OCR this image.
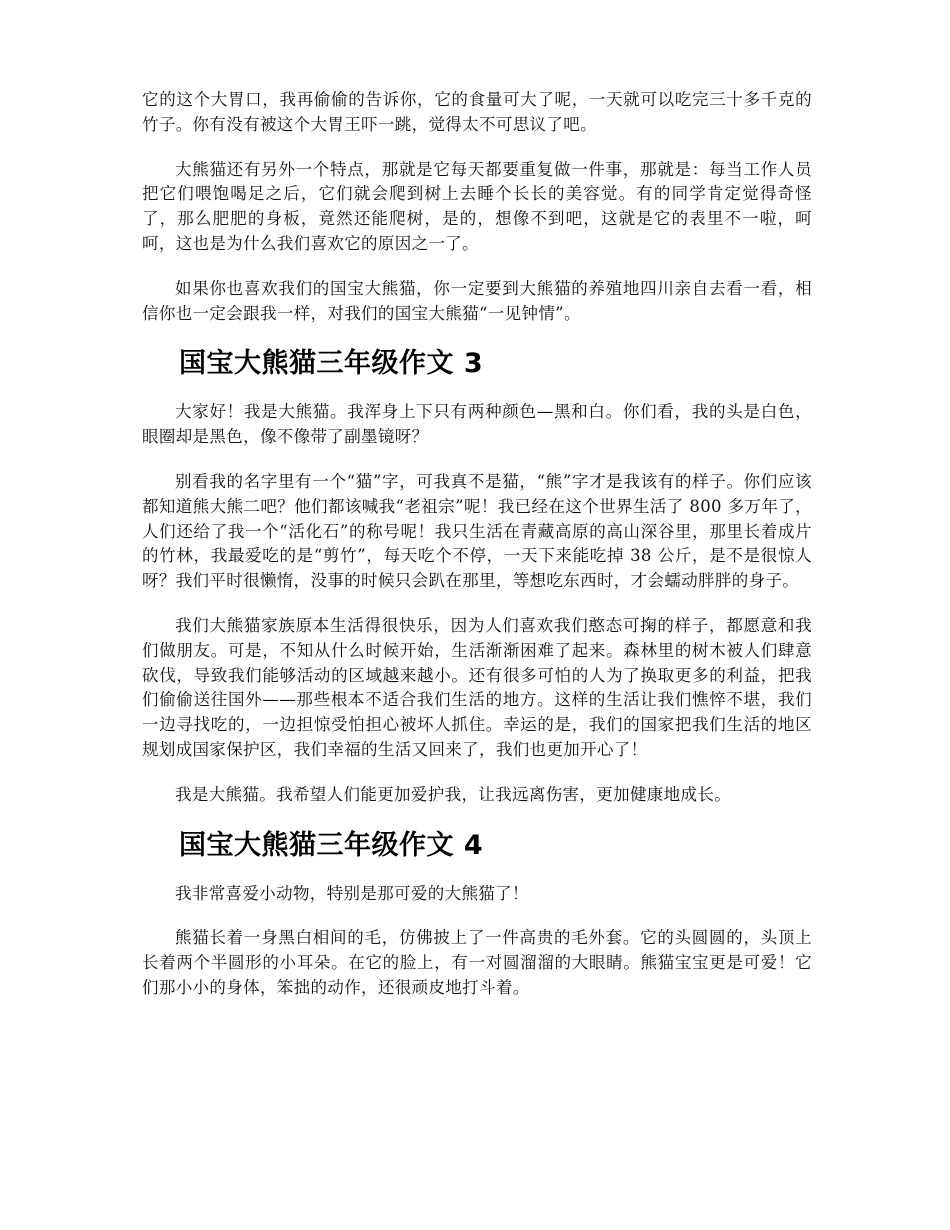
它的这个大胃口，我再偷偷的告诉你，它的食量可大了呢，一天就可以吃完三十多千克的竹子。你有没有被这个大胃王吓一跳，觉得太不可思议了吧。

大熊猫还有另外一个特点，那就是它每天都要重复做一件事，那就是：每当工作人员把它们喂饱喝足之后，它们就会爬到树上去睡个长长的美容觉。有的同学肯定觉得奇怪了，那么肥肥的身板，竟然还能爬树，是的，想像不到吧，这就是它的表里不一啦，呵呵，这也是为什么我们喜欢它的原因之一了。

如果你也喜欢我们的国宝大熊猫，你一定要到大熊猫的养殖地四川亲自去看一看，相信你也一定会跟我一样，对我们的国宝大熊猫“一见钟情”。

国宝大熊猫三年级作文 3

大家好！我是大熊猫。我浑身上下只有两种颜色—黑和白。你们看，我的头是白色，眼圈却是黑色，像不像带了副墨镜呀？

别看我的名字里有一个“猫”字，可我真不是猫，“熊”字才是我该有的样子。你们应该都知道熊大熊二吧？他们都该喊我“老祖宗”呢！我已经在这个世界生活了 800 多万年了，人们还给了我一个“活化石”的称号呢！我只生活在青藏高原的高山深谷里，那里长着成片的竹林，我最爱吃的是“剪竹”，每天吃个不停，一天下来能吃掉 38 公斤，是不是很惊人呀？我们平时很懒惰，没事的时候只会趴在那里，等想吃东西时，才会蠕动胖胖的身子。

我们大熊猫家族原本生活得很快乐，因为人们喜欢我们憨态可掬的样子，都愿意和我们做朋友。可是，不知从什么时候开始，生活渐渐困难了起来。森林里的树木被人们肆意砍伐，导致我们能够活动的区域越来越小。还有很多可怕的人为了换取更多的利益，把我们偷偷送往国外——那些根本不适合我们生活的地方。这样的生活让我们憔悴不堪，我们一边寻找吃的，一边担惊受怕担心被坏人抓住。幸运的是，我们的国家把我们生活的地区规划成国家保护区，我们幸福的生活又回来了，我们也更加开心了！

我是大熊猫。我希望人们能更加爱护我，让我远离伤害，更加健康地成长。

国宝大熊猫三年级作文 4

我非常喜爱小动物，特别是那可爱的大熊猫了！

熊猫长着一身黑白相间的毛，仿佛披上了一件高贵的毛外套。它的头圆圆的，头顶上长着两个半圆形的小耳朵。在它的脸上，有一对圆溜溜的大眼睛。熊猫宝宝更是可爱！它们那小小的身体，笨拙的动作，还很顽皮地打斗着。
